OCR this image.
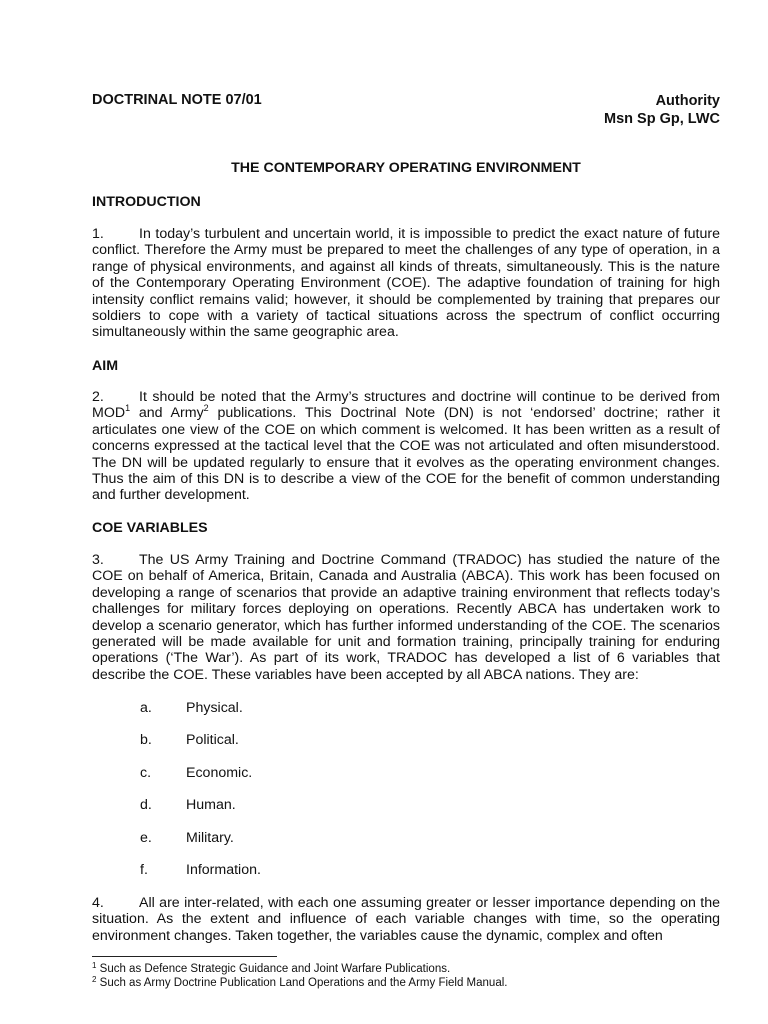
DOCTRINAL NOTE 07/01	Authority
Msn Sp Gp, LWC
THE CONTEMPORARY OPERATING ENVIRONMENT
INTRODUCTION
1. In today’s turbulent and uncertain world, it is impossible to predict the exact nature of future conflict. Therefore the Army must be prepared to meet the challenges of any type of operation, in a range of physical environments, and against all kinds of threats, simultaneously. This is the nature of the Contemporary Operating Environment (COE). The adaptive foundation of training for high intensity conflict remains valid; however, it should be complemented by training that prepares our soldiers to cope with a variety of tactical situations across the spectrum of conflict occurring simultaneously within the same geographic area.
AIM
2. It should be noted that the Army’s structures and doctrine will continue to be derived from MOD$^1$ and Army$^2$ publications. This Doctrinal Note (DN) is not ‘endorsed’ doctrine; rather it articulates one view of the COE on which comment is welcomed. It has been written as a result of concerns expressed at the tactical level that the COE was not articulated and often misunderstood. The DN will be updated regularly to ensure that it evolves as the operating environment changes. Thus the aim of this DN is to describe a view of the COE for the benefit of common understanding and further development.
COE VARIABLES
3. The US Army Training and Doctrine Command (TRADOC) has studied the nature of the COE on behalf of America, Britain, Canada and Australia (ABCA). This work has been focused on developing a range of scenarios that provide an adaptive training environment that reflects today’s challenges for military forces deploying on operations. Recently ABCA has undertaken work to develop a scenario generator, which has further informed understanding of the COE. The scenarios generated will be made available for unit and formation training, principally training for enduring operations (‘The War’). As part of its work, TRADOC has developed a list of 6 variables that describe the COE. These variables have been accepted by all ABCA nations. They are:
a. Physical.
b. Political.
c. Economic.
d. Human.
e. Military.
f.	Information.
4. All are inter-related, with each one assuming greater or lesser importance depending on the situation. As the extent and influence of each variable changes with time, so the operating environment changes. Taken together, the variables cause the dynamic, complex and often
$^1$ Such as Defence Strategic Guidance and Joint Warfare Publications.
$^2$ Such as Army Doctrine Publication Land Operations and the Army Field Manual.
